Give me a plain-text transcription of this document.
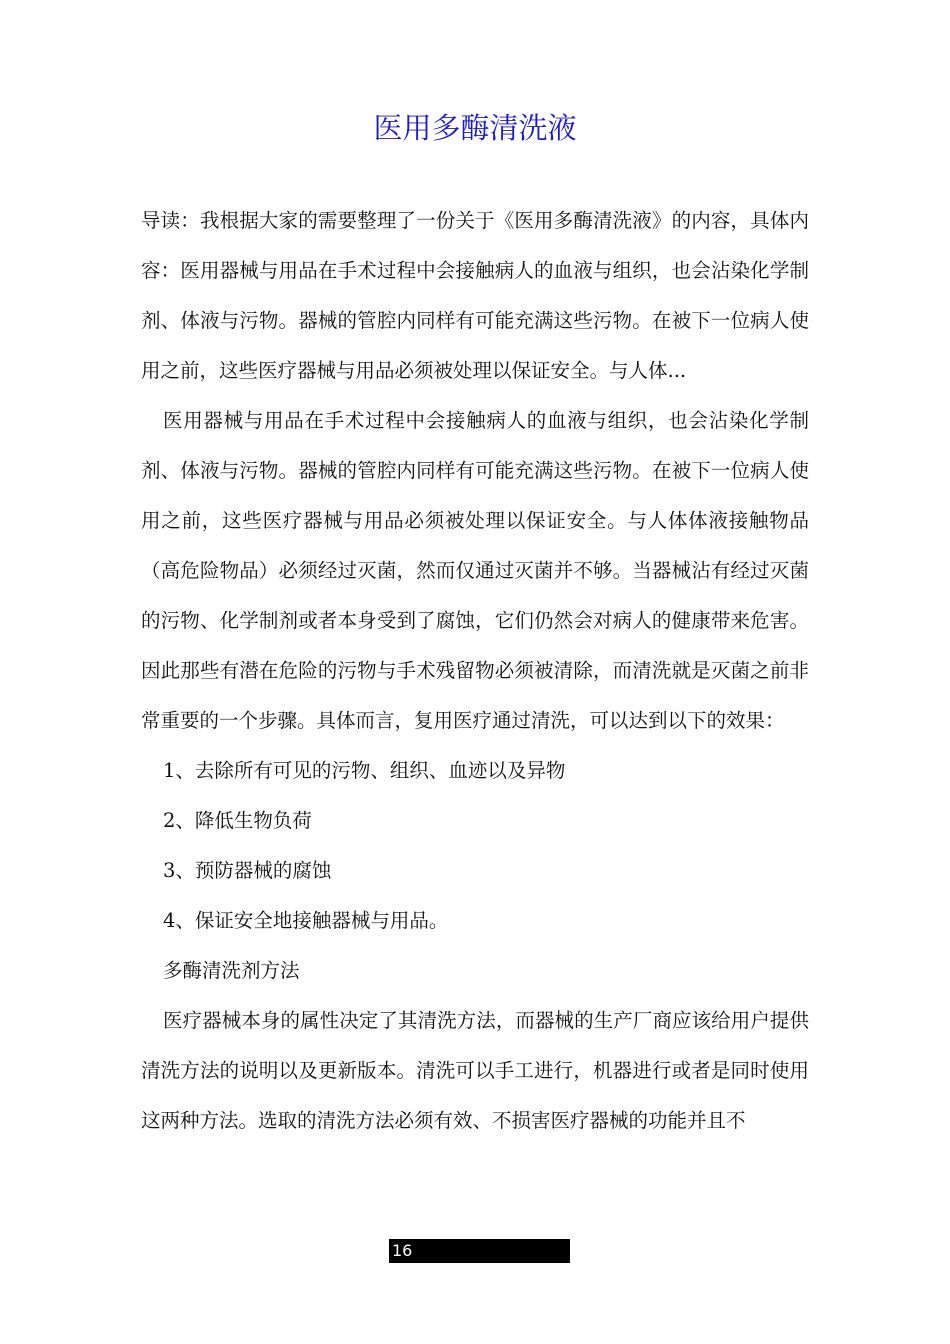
医用多酶清洗液

导读：我根据大家的需要整理了一份关于《医用多酶清洗液》的内容，具体内容：医用器械与用品在手术过程中会接触病人的血液与组织，也会沾染化学制剂、体液与污物。器械的管腔内同样有可能充满这些污物。在被下一位病人使用之前，这些医疗器械与用品必须被处理以保证安全。与人体...

医用器械与用品在手术过程中会接触病人的血液与组织，也会沾染化学制剂、体液与污物。器械的管腔内同样有可能充满这些污物。在被下一位病人使用之前，这些医疗器械与用品必须被处理以保证安全。与人体体液接触物品（高危险物品）必须经过灭菌，然而仅通过灭菌并不够。当器械沾有经过灭菌的污物、化学制剂或者本身受到了腐蚀，它们仍然会对病人的健康带来危害。因此那些有潜在危险的污物与手术残留物必须被清除，而清洗就是灭菌之前非常重要的一个步骤。具体而言，复用医疗通过清洗，可以达到以下的效果：

1、去除所有可见的污物、组织、血迹以及异物

2、降低生物负荷

3、预防器械的腐蚀

4、保证安全地接触器械与用品。

多酶清洗剂方法

医疗器械本身的属性决定了其清洗方法，而器械的生产厂商应该给用户提供清洗方法的说明以及更新版本。清洗可以手工进行，机器进行或者是同时使用这两种方法。选取的清洗方法必须有效、不损害医疗器械的功能并且不

16
